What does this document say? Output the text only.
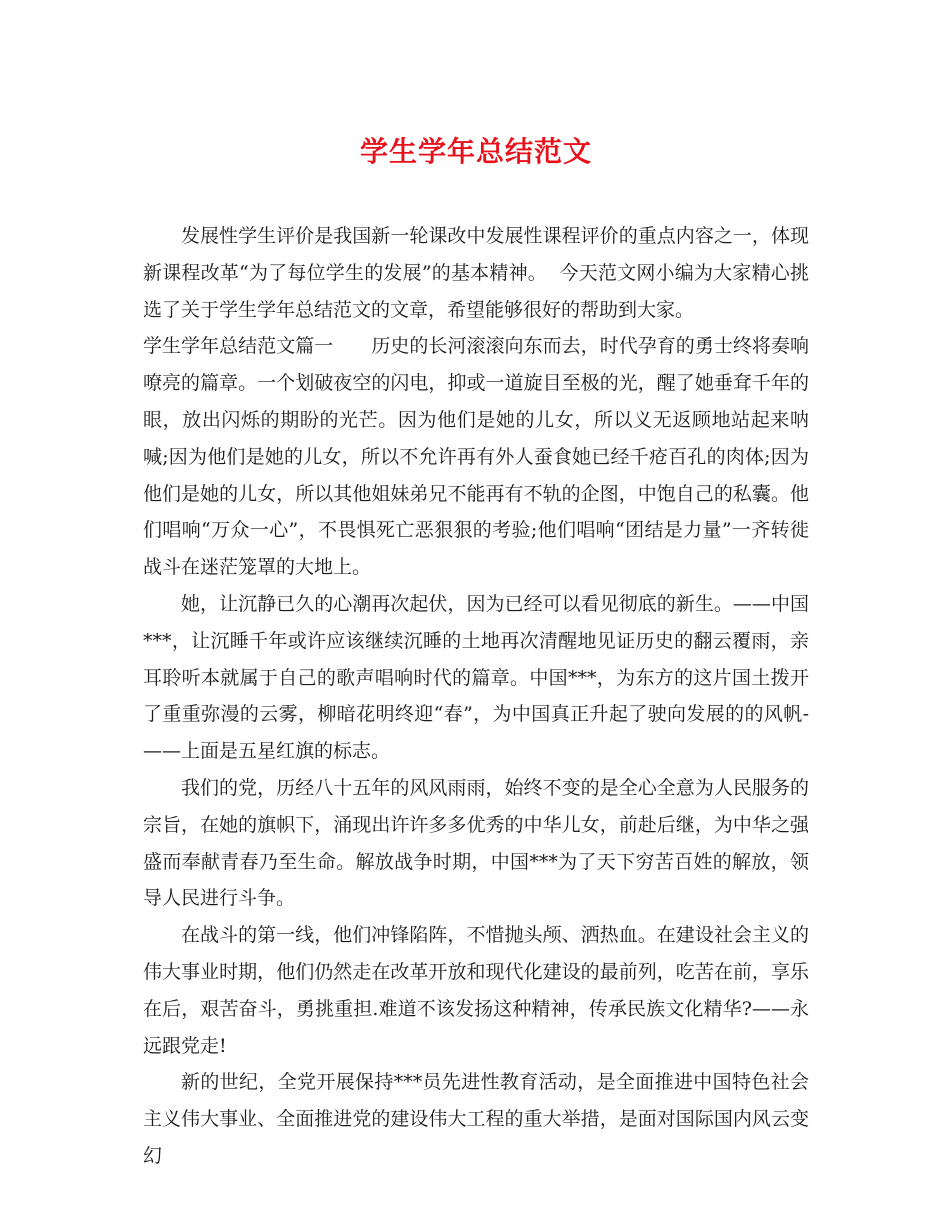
学生学年总结范文

发展性学生评价是我国新一轮课改中发展性课程评价的重点内容之一，体现新课程改革“为了每位学生的发展”的基本精神。  今天范文网小编为大家精心挑选了关于学生学年总结范文的文章，希望能够很好的帮助到大家。

学生学年总结范文篇一　　历史的长河滚滚向东而去，时代孕育的勇士终将奏响嘹亮的篇章。一个划破夜空的闪电，抑或一道旋目至极的光，醒了她垂耷千年的眼，放出闪烁的期盼的光芒。因为他们是她的儿女，所以义无返顾地站起来呐喊;因为他们是她的儿女，所以不允许再有外人蚕食她已经千疮百孔的肉体;因为他们是她的儿女，所以其他姐妹弟兄不能再有不轨的企图，中饱自己的私囊。他们唱响“万众一心”，不畏惧死亡恶狠狠的考验;他们唱响“团结是力量”一齐转徙战斗在迷茫笼罩的大地上。

她，让沉静已久的心潮再次起伏，因为已经可以看见彻底的新生。——中国***，让沉睡千年或许应该继续沉睡的土地再次清醒地见证历史的翻云覆雨，亲耳聆听本就属于自己的歌声唱响时代的篇章。中国***，为东方的这片国土拨开了重重弥漫的云雾，柳暗花明终迎“春”，为中国真正升起了驶向发展的的风帆-——上面是五星红旗的标志。

我们的党，历经八十五年的风风雨雨，始终不变的是全心全意为人民服务的宗旨，在她的旗帜下，涌现出许许多多优秀的中华儿女，前赴后继，为中华之强盛而奉献青春乃至生命。解放战争时期，中国***为了天下穷苦百姓的解放，领导人民进行斗争。

在战斗的第一线，他们冲锋陷阵，不惜抛头颅、洒热血。在建设社会主义的伟大事业时期，他们仍然走在改革开放和现代化建设的最前列，吃苦在前，享乐在后，艰苦奋斗，勇挑重担.难道不该发扬这种精神，传承民族文化精华?——永远跟党走!

新的世纪，全党开展保持***员先进性教育活动，是全面推进中国特色社会主义伟大事业、全面推进党的建设伟大工程的重大举措，是面对国际国内风云变幻
